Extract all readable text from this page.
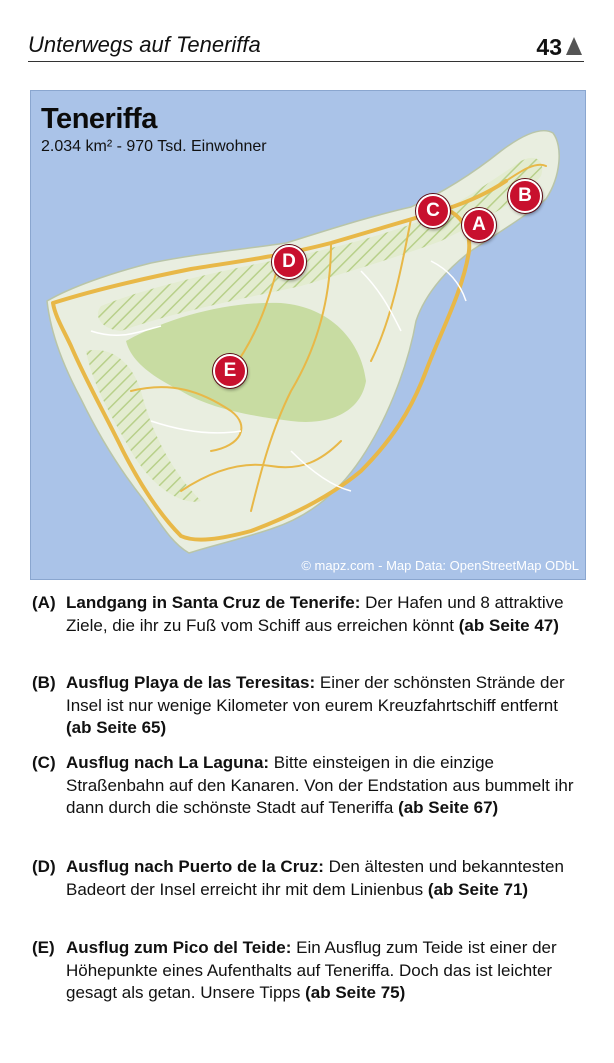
Unterwegs auf Teneriffa	43
Teneriffa
2.034 km² - 970 Tsd. Einwohner
© mapz.com - Map Data: OpenStreetMap ODbL
A
B
C
D
E
(A) Landgang in Santa Cruz de Tenerife: Der Hafen und 8 attraktive Ziele, die ihr zu Fuß vom Schiff aus erreichen könnt (ab Seite 47)
(B) Ausflug Playa de las Teresitas: Einer der schönsten Strände der Insel ist nur wenige Kilometer von eurem Kreuzfahrtschiff entfernt (ab Seite 65)
(C) Ausflug nach La Laguna: Bitte einsteigen in die einzige Straßenbahn auf den Kanaren. Von der Endstation aus bummelt ihr dann durch die schönste Stadt auf Teneriffa (ab Seite 67)
(D) Ausflug nach Puerto de la Cruz: Den ältesten und bekanntesten Badeort der Insel erreicht ihr mit dem Linienbus (ab Seite 71)
(E) Ausflug zum Pico del Teide: Ein Ausflug zum Teide ist einer der Höhepunkte eines Aufenthalts auf Teneriffa. Doch das ist leichter gesagt als getan. Unsere Tipps (ab Seite 75)
